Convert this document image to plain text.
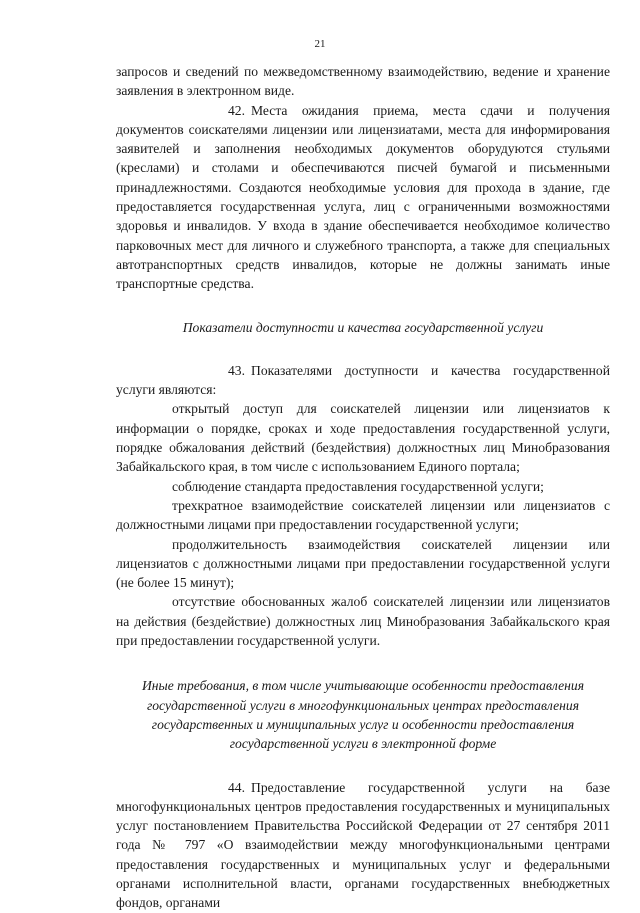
21

запросов и сведений по межведомственному взаимодействию, ведение и хранение заявления в электронном виде.

42. Места ожидания приема, места сдачи и получения документов соискателями лицензии или лицензиатами, места для информирования заявителей и заполнения необходимых документов оборудуются стульями (креслами) и столами и обеспечиваются писчей бумагой и письменными принадлежностями. Создаются необходимые условия для прохода в здание, где предоставляется государственная услуга, лиц с ограниченными возможностями здоровья и инвалидов. У входа в здание обеспечивается необходимое количество парковочных мест для личного и служебного транспорта, а также для специальных автотранспортных средств инвалидов, которые не должны занимать иные транспортные средства.

Показатели доступности и качества государственной услуги

43. Показателями доступности и качества государственной услуги являются:

открытый доступ для соискателей лицензии или лицензиатов к информации о порядке, сроках и ходе предоставления государственной услуги, порядке обжалования действий (бездействия) должностных лиц Минобразования Забайкальского края, в том числе с использованием Единого портала;

соблюдение стандарта предоставления государственной услуги;

трехкратное взаимодействие соискателей лицензии или лицензиатов с должностными лицами при предоставлении государственной услуги;

продолжительность взаимодействия соискателей лицензии или лицензиатов с должностными лицами при предоставлении государственной услуги (не более 15 минут);

отсутствие обоснованных жалоб соискателей лицензии или лицензиатов на действия (бездействие) должностных лиц Минобразования Забайкальского края при предоставлении государственной услуги.

Иные требования, в том числе учитывающие особенности предоставления государственной услуги в многофункциональных центрах предоставления государственных и муниципальных услуг и особенности предоставления государственной услуги в электронной форме

44. Предоставление государственной услуги на базе многофункциональных центров предоставления государственных и муниципальных услуг постановлением Правительства Российской Федерации от 27 сентября 2011 года № 797 «О взаимодействии между многофункциональными центрами предоставления государственных и муниципальных услуг и федеральными органами исполнительной власти, органами государственных внебюджетных фондов, органами
